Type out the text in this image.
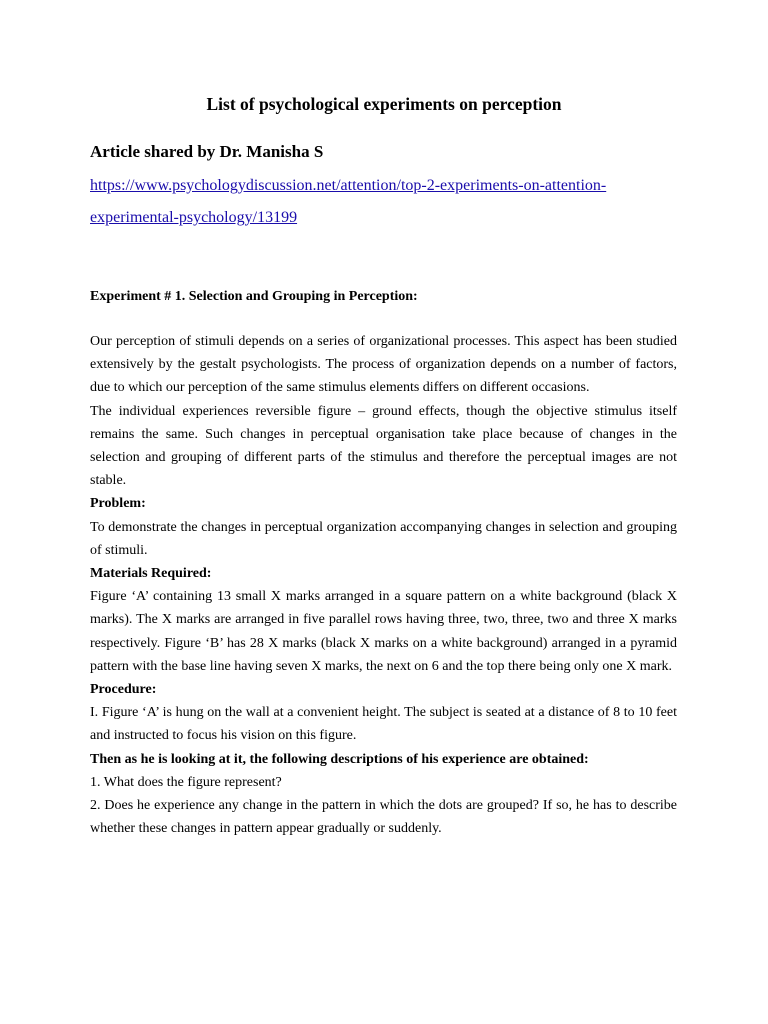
List of psychological experiments on perception
Article shared by Dr. Manisha S
https://www.psychologydiscussion.net/attention/top-2-experiments-on-attention-experimental-psychology/13199
Experiment # 1. Selection and Grouping in Perception:

Our perception of stimuli depends on a series of organizational processes. This aspect has been studied extensively by the gestalt psychologists. The process of organization depends on a number of factors, due to which our perception of the same stimulus elements differs on different occasions.

The individual experiences reversible figure – ground effects, though the objective stimulus itself remains the same. Such changes in perceptual organisation take place because of changes in the selection and grouping of different parts of the stimulus and therefore the perceptual images are not stable.

Problem:

To demonstrate the changes in perceptual organization accompanying changes in selection and grouping of stimuli.

Materials Required:

Figure ‘A’ containing 13 small X marks arranged in a square pattern on a white background (black X marks). The X marks are arranged in five parallel rows having three, two, three, two and three X marks respectively. Figure ‘B’ has 28 X marks (black X marks on a white background) arranged in a pyramid pattern with the base line having seven X marks, the next on 6 and the top there being only one X mark.

Procedure:

I. Figure ‘A’ is hung on the wall at a convenient height. The subject is seated at a distance of 8 to 10 feet and instructed to focus his vision on this figure.

Then as he is looking at it, the following descriptions of his experience are obtained:

1. What does the figure represent?

2. Does he experience any change in the pattern in which the dots are grouped? If so, he has to describe whether these changes in pattern appear gradually or suddenly.
